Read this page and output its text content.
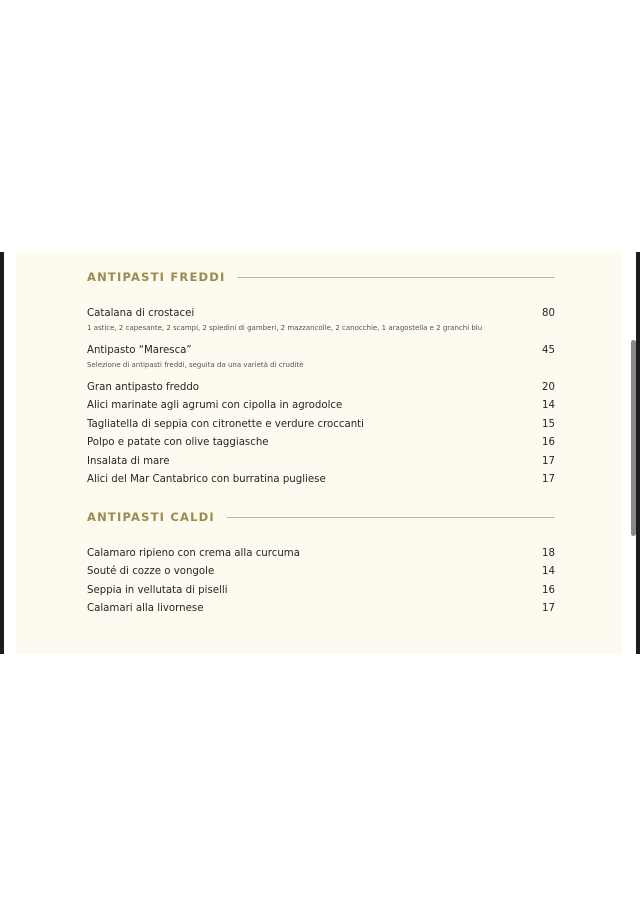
ANTIPASTI FREDDI
Catalana di crostacei	80
1 astice, 2 capesante, 2 scampi, 2 spiedini di gamberi, 2 mazzancolle, 2 canocchie, 1 aragostella e 2 granchi blu
Antipasto “Maresca”	45
Selezione di antipasti freddi, seguita da una varietà di cruditè
Gran antipasto freddo	20
Alici marinate agli agrumi con cipolla in agrodolce	14
Tagliatella di seppia con citronette e verdure croccanti	15
Polpo e patate con olive taggiasche	16
Insalata di mare	17
Alici del Mar Cantabrico con burratina pugliese	17
ANTIPASTI CALDI
Calamaro ripieno con crema alla curcuma	18
Souté di cozze o vongole	14
Seppia in vellutata di piselli	16
Calamari alla livornese	17
